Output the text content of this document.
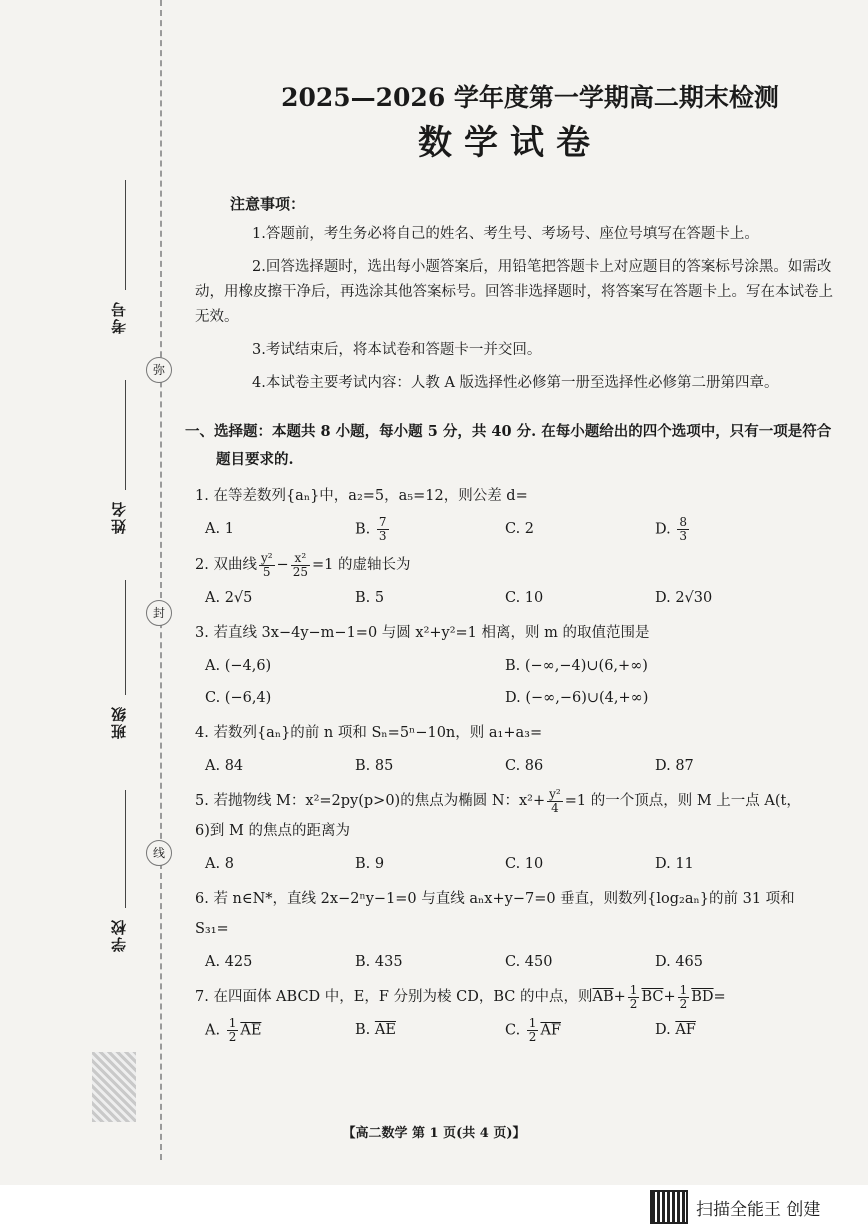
考号
姓名
班级
学校
弥
封
线
2025—2026 学年度第一学期高二期末检测
数学试卷
注意事项：
1.答题前，考生务必将自己的姓名、考生号、考场号、座位号填写在答题卡上。
2.回答选择题时，选出每小题答案后，用铅笔把答题卡上对应题目的答案标号涂黑。如需改动，用橡皮擦干净后，再选涂其他答案标号。回答非选择题时，将答案写在答题卡上。写在本试卷上无效。
3.考试结束后，将本试卷和答题卡一并交回。
4.本试卷主要考试内容：人教 A 版选择性必修第一册至选择性必修第二册第四章。
一、选择题：本题共 8 小题，每小题 5 分，共 40 分. 在每小题给出的四个选项中，只有一项是符合
题目要求的.
1. 在等差数列{aₙ}中，a₂=5，a₅=12，则公差 d=
A. 1	B. $\frac{7}{3}$	C. 2	D. $\frac{8}{3}$
2. 双曲线 $\frac{\text{y²}}{5} - \frac{\text{x²}}{25} =1$ 的虚轴长为
A. 2√5	B. 5	C. 10	D. 2√30
3. 若直线 3x−4y−m−1=0 与圆 x²+y²=1 相离，则 m 的取值范围是
A. (−4,6)	B. (−∞,−4)∪(6,+∞)
C. (−6,4)	D. (−∞,−6)∪(4,+∞)
4. 若数列{aₙ}的前 n 项和 Sₙ=5ⁿ−10n，则 a₁+a₃=
A. 84	B. 85	C. 86	D. 87
5. 若抛物线 M：x²=2py(p>0)的焦点为椭圆 N：$x^2+ \frac{\text{y²}}{4} =1$ 的一个顶点，则 M 上一点 A(t，
6)到 M 的焦点的距离为
A. 8	B. 9	C. 10	D. 11
6. 若 n∈N*，直线 2x−2ⁿy−1=0 与直线 aₙx+y−7=0 垂直，则数列{log₂aₙ}的前 31 项和
S₃₁=
A. 425	B. 435	C. 450	D. 465
7. 在四面体 ABCD 中，E，F 分别为棱 CD，BC 的中点，则$\overline{AB}+ \frac{1}{2} \overline{BC}+ \frac{1}{2} \overline{BD}=$
A. $\frac{1}{2} \overline{AE}$	B. $\overline{AE}$	C. $\frac{1}{2} \overline{AF}$	D. $\overline{AF}$
【高二数学 第 1 页(共 4 页)】
扫描全能王 创建
